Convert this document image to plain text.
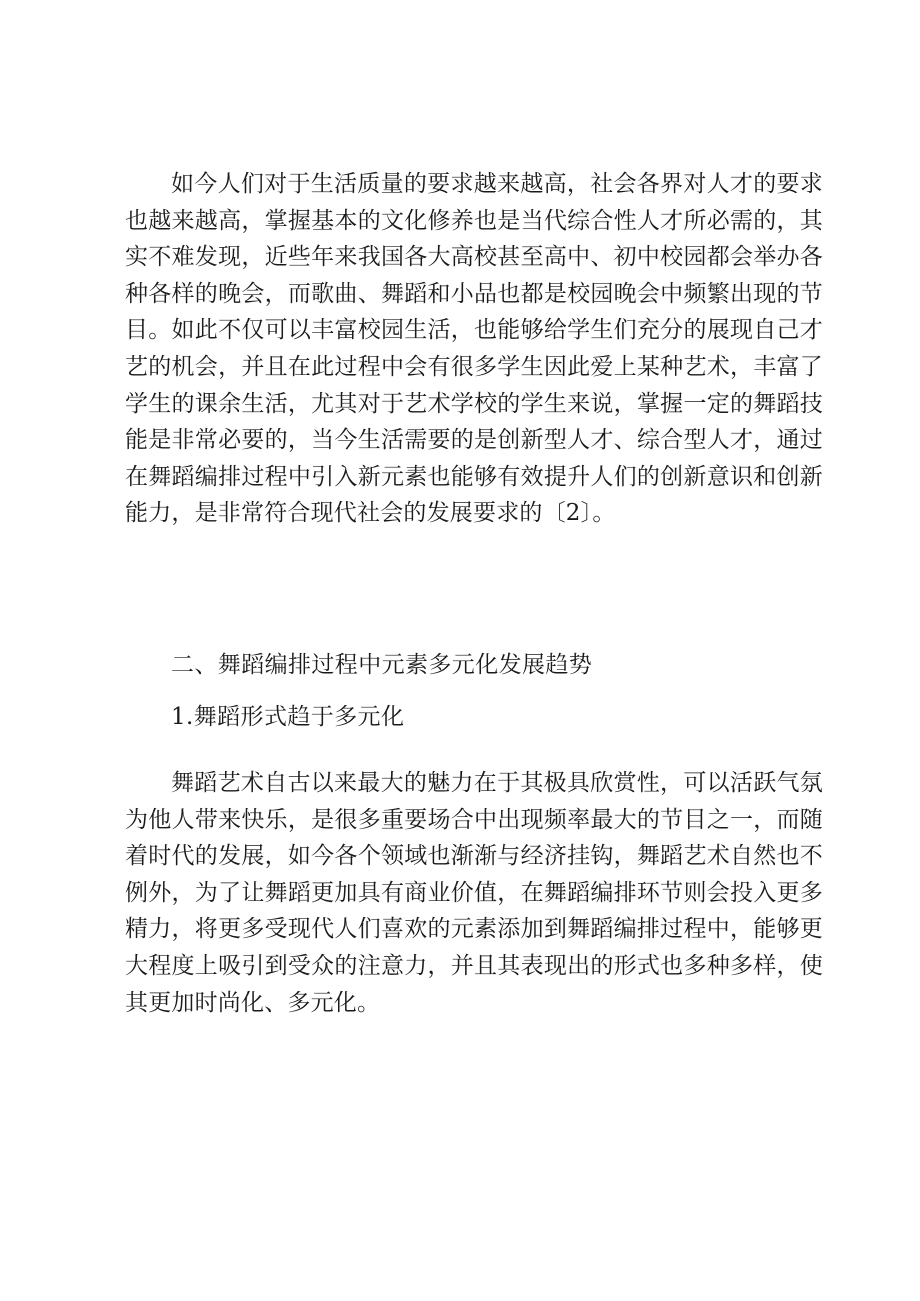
如今人们对于生活质量的要求越来越高，社会各界对人才的要求也越来越高，掌握基本的文化修养也是当代综合性人才所必需的，其实不难发现，近些年来我国各大高校甚至高中、初中校园都会举办各种各样的晚会，而歌曲、舞蹈和小品也都是校园晚会中频繁出现的节目。如此不仅可以丰富校园生活，也能够给学生们充分的展现自己才艺的机会，并且在此过程中会有很多学生因此爱上某种艺术，丰富了学生的课余生活，尤其对于艺术学校的学生来说，掌握一定的舞蹈技能是非常必要的，当今生活需要的是创新型人才、综合型人才，通过在舞蹈编排过程中引入新元素也能够有效提升人们的创新意识和创新能力，是非常符合现代社会的发展要求的〔2〕。

二、舞蹈编排过程中元素多元化发展趋势
1.舞蹈形式趋于多元化

舞蹈艺术自古以来最大的魅力在于其极具欣赏性，可以活跃气氛为他人带来快乐，是很多重要场合中出现频率最大的节目之一，而随着时代的发展，如今各个领域也渐渐与经济挂钩，舞蹈艺术自然也不例外，为了让舞蹈更加具有商业价值，在舞蹈编排环节则会投入更多精力，将更多受现代人们喜欢的元素添加到舞蹈编排过程中，能够更大程度上吸引到受众的注意力，并且其表现出的形式也多种多样，使其更加时尚化、多元化。
